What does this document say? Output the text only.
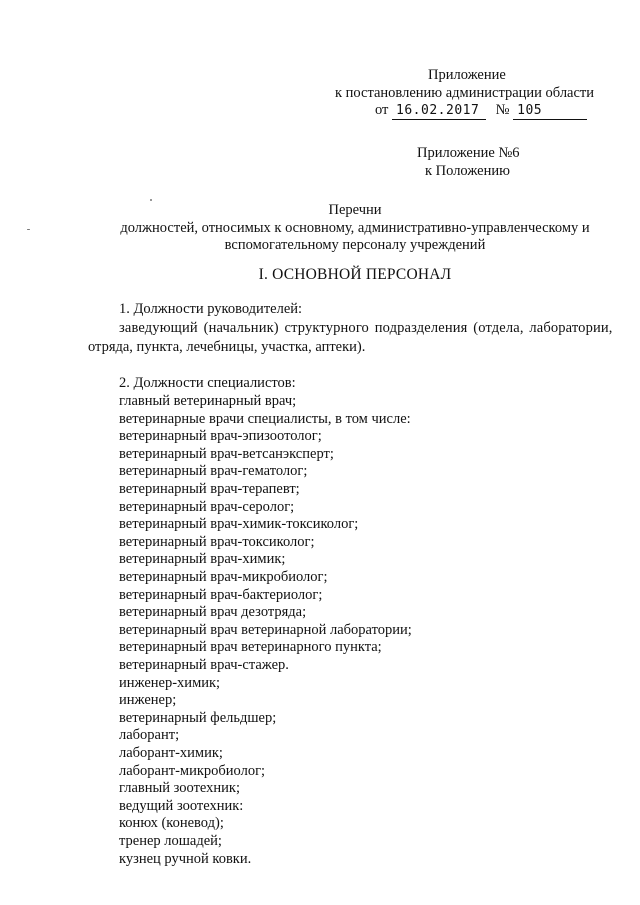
Приложение
к постановлению администрации области
от 16.02.2017 № 105
Приложение №6
к Положению
Перечни
должностей, относимых к основному, административно-управленческому и
вспомогательному персоналу учреждений
I. ОСНОВНОЙ ПЕРСОНАЛ
1. Должности руководителей:
заведующий (начальник) структурного подразделения (отдела, лаборатории,
отряда, пункта, лечебницы, участка, аптеки).
2. Должности специалистов:
главный ветеринарный врач;
ветеринарные врачи специалисты, в том числе:
ветеринарный врач-эпизоотолог;
ветеринарный врач-ветсанэксперт;
ветеринарный врач-гематолог;
ветеринарный врач-терапевт;
ветеринарный врач-серолог;
ветеринарный врач-химик-токсиколог;
ветеринарный врач-токсиколог;
ветеринарный врач-химик;
ветеринарный врач-микробиолог;
ветеринарный врач-бактериолог;
ветеринарный врач дезотряда;
ветеринарный врач ветеринарной лаборатории;
ветеринарный врач ветеринарного пункта;
ветеринарный врач-стажер.
инженер-химик;
инженер;
ветеринарный фельдшер;
лаборант;
лаборант-химик;
лаборант-микробиолог;
главный зоотехник;
ведущий зоотехник:
конюх (коневод);
тренер лошадей;
кузнец ручной ковки.
